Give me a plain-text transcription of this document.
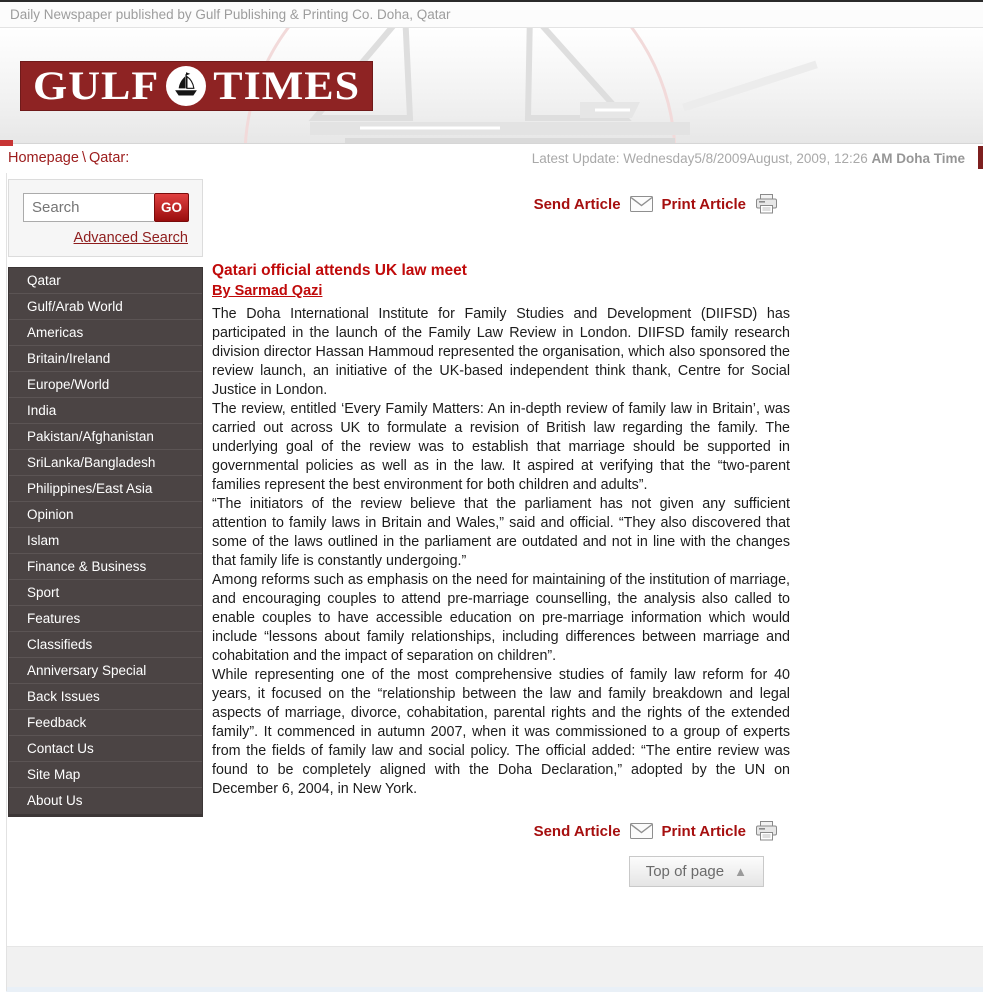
Daily Newspaper published by Gulf Publishing & Printing Co. Doha, Qatar
GULF TIMES
Homepage \ Qatar:	Latest Update: Wednesday5/8/2009August, 2009, 12:26 AM Doha Time
Search
GO
Advanced Search
Qatar
Gulf/Arab World
Americas
Britain/Ireland
Europe/World
India
Pakistan/Afghanistan
SriLanka/Bangladesh
Philippines/East Asia
Opinion
Islam
Finance & Business
Sport
Features
Classifieds
Anniversary Special
Back Issues
Feedback
Contact Us
Site Map
About Us
Send Article	Print Article
Qatari official attends UK law meet
By Sarmad Qazi

The Doha International Institute for Family Studies and Development (DIIFSD) has participated in the launch of the Family Law Review in London. DIIFSD family research division director Hassan Hammoud represented the organisation, which also sponsored the review launch, an initiative of the UK-based independent think thank, Centre for Social Justice in London.

The review, entitled ‘Every Family Matters: An in-depth review of family law in Britain’, was carried out across UK to formulate a revision of British law regarding the family. The underlying goal of the review was to establish that marriage should be supported in governmental policies as well as in the law. It aspired at verifying that the “two-parent families represent the best environment for both children and adults”.

“The initiators of the review believe that the parliament has not given any sufficient attention to family laws in Britain and Wales,” said and official. “They also discovered that some of the laws outlined in the parliament are outdated and not in line with the changes that family life is constantly undergoing.”

Among reforms such as emphasis on the need for maintaining of the institution of marriage, and encouraging couples to attend pre-marriage counselling, the analysis also called to enable couples to have accessible education on pre-marriage information which would include “lessons about family relationships, including differences between marriage and cohabitation and the impact of separation on children”.

While representing one of the most comprehensive studies of family law reform for 40 years, it focused on the “relationship between the law and family breakdown and legal aspects of marriage, divorce, cohabitation, parental rights and the rights of the extended family”. It commenced in autumn 2007, when it was commissioned to a group of experts from the fields of family law and social policy. The official added: “The entire review was found to be completely aligned with the Doha Declaration,” adopted by the UN on December 6, 2004, in New York.

Send Article	Print Article
Top of page ▲
